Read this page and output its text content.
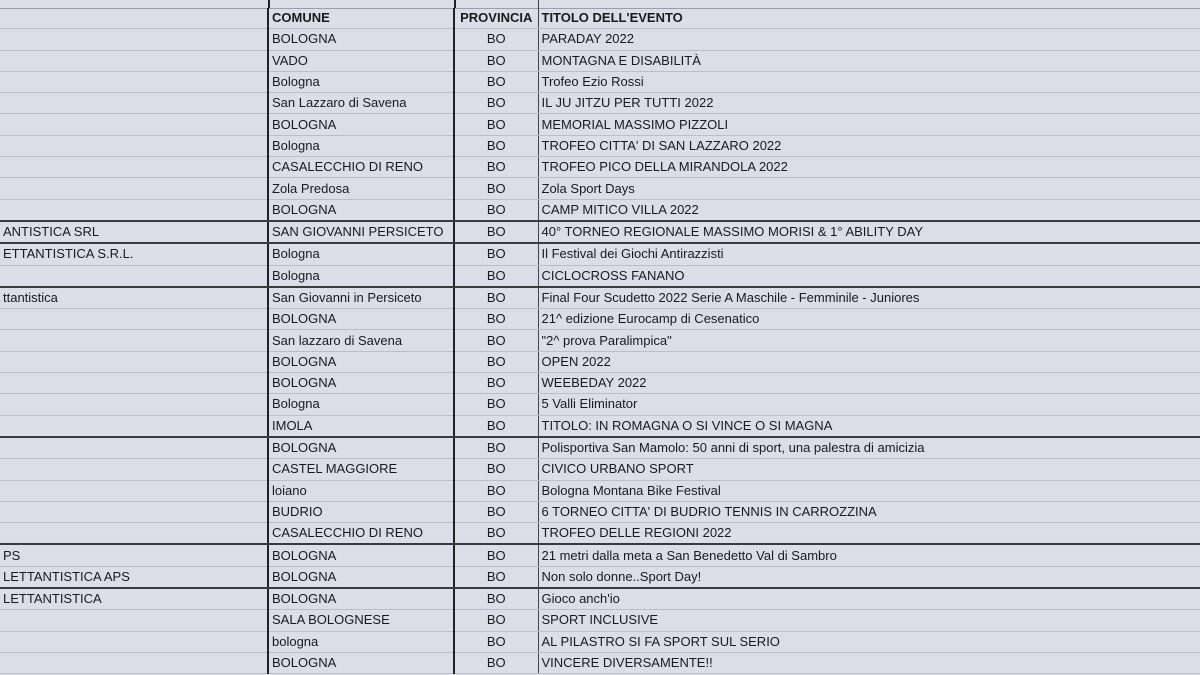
	COMUNE	PROVINCIA	TITOLO DELL'EVENTO
	BOLOGNA	BO	PARADAY 2022
	VADO	BO	MONTAGNA E DISABILITÀ
	Bologna	BO	Trofeo Ezio Rossi
	San Lazzaro di Savena	BO	IL JU JITZU PER TUTTI 2022
	BOLOGNA	BO	MEMORIAL MASSIMO PIZZOLI
	Bologna	BO	TROFEO CITTA' DI SAN LAZZARO 2022
	CASALECCHIO DI RENO	BO	TROFEO PICO DELLA MIRANDOLA 2022
	Zola Predosa	BO	Zola Sport Days
	BOLOGNA	BO	CAMP MITICO VILLA 2022
ANTISTICA SRL	SAN GIOVANNI PERSICETO	BO	40° TORNEO REGIONALE MASSIMO MORISI & 1° ABILITY DAY
ETTANTISTICA S.R.L.	Bologna	BO	Il Festival dei Giochi Antirazzisti
	Bologna	BO	CICLOCROSS FANANO
ttantistica	San Giovanni in Persiceto	BO	Final Four Scudetto 2022 Serie A Maschile - Femminile - Juniores
	BOLOGNA	BO	21^ edizione Eurocamp di Cesenatico
	San lazzaro di Savena	BO	"2^ prova Paralimpica"
	BOLOGNA	BO	OPEN 2022
	BOLOGNA	BO	WEEBEDAY 2022
	Bologna	BO	5 Valli Eliminator
	IMOLA	BO	TITOLO: IN ROMAGNA O SI VINCE O SI MAGNA
	BOLOGNA	BO	Polisportiva San Mamolo: 50 anni di sport, una palestra di amicizia
	CASTEL MAGGIORE	BO	CIVICO URBANO SPORT
	loiano	BO	Bologna Montana Bike Festival
	BUDRIO	BO	6 TORNEO CITTA' DI BUDRIO TENNIS IN CARROZZINA
	CASALECCHIO DI RENO	BO	TROFEO DELLE REGIONI 2022
PS	BOLOGNA	BO	21 metri dalla meta a San Benedetto Val di Sambro
LETTANTISTICA APS	BOLOGNA	BO	Non solo donne..Sport Day!
LETTANTISTICA	BOLOGNA	BO	Gioco anch'io
	SALA BOLOGNESE	BO	SPORT INCLUSIVE
	bologna	BO	AL PILASTRO SI FA SPORT SUL SERIO
	BOLOGNA	BO	VINCERE DIVERSAMENTE!!
